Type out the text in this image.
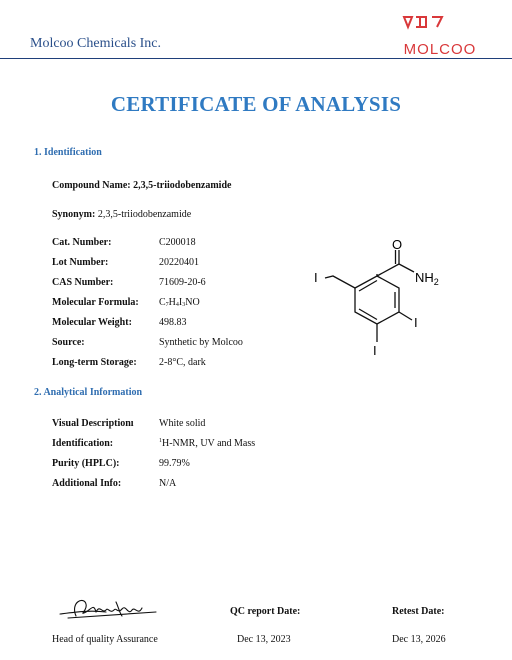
Molcoo Chemicals Inc.	MOLCOO
CERTIFICATE OF ANALYSIS
1. Identification
Compound Name: 2,3,5-triiodobenzamide
Synonym: 2,3,5-triiodobenzamide
Cat. Number:	C200018
Lot Number:	20220401
CAS Number:	71609-20-6
Molecular Formula: $C_7H_4I_3NO$
Molecular Weight:	498.83
Source:	Synthetic by Molcoo
Long-term Storage: 2-8°C, dark
O
$NH_2$
I
I
I
2. Analytical Information
Visual Descriptionı	White solid
Identification:	$^1$H-NMR, UV and Mass
Purity (HPLC):	99.79%
Additional Info:	N/A
Head of quality Assurance
QC report Date:
Dec 13, 2023
Retest Date:
Dec 13, 2026
